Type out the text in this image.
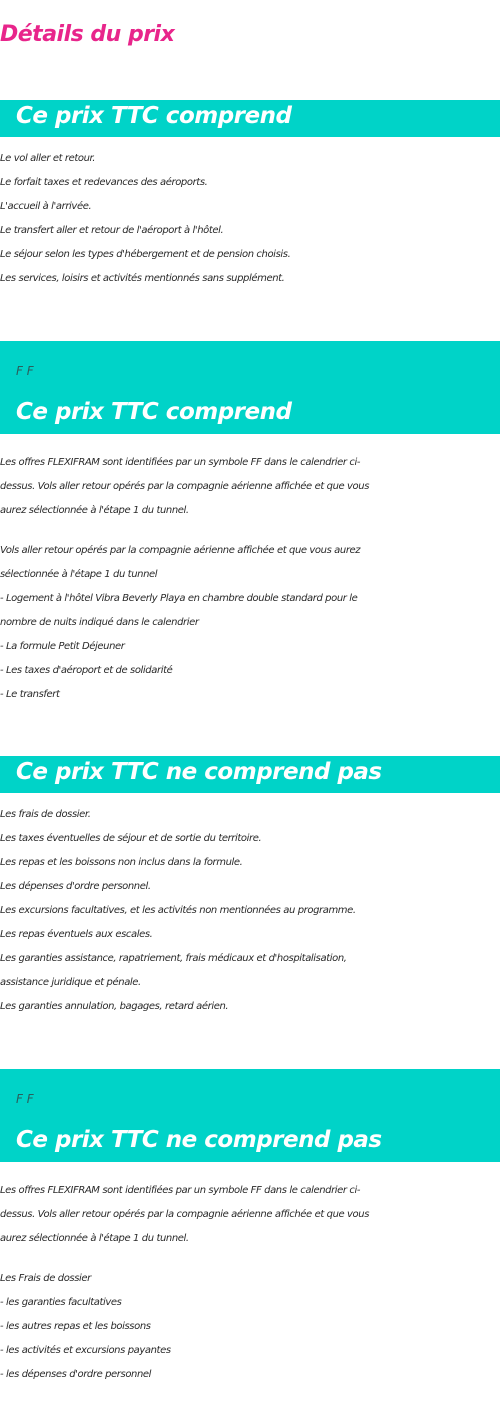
Détails du prix
Ce prix TTC comprend
Le vol aller et retour.
Le forfait taxes et redevances des aéroports.
L'accueil à l'arrivée.
Le transfert aller et retour de l'aéroport à l'hôtel.
Le séjour selon les types d'hébergement et de pension choisis.
Les services, loisirs et activités mentionnés sans supplément.
F F
Ce prix TTC comprend
Les offres FLEXIFRAM sont identifiées par un symbole FF dans le calendrier ci-
dessus. Vols aller retour opérés par la compagnie aérienne affichée et que vous
aurez sélectionnée à l'étape 1 du tunnel.
Vols aller retour opérés par la compagnie aérienne affichée et que vous aurez
sélectionnée à l'étape 1 du tunnel
- Logement à l'hôtel Vibra Beverly Playa en chambre double standard pour le
nombre de nuits indiqué dans le calendrier
- La formule Petit Déjeuner
- Les taxes d'aéroport et de solidarité
- Le transfert
Ce prix TTC ne comprend pas
Les frais de dossier.
Les taxes éventuelles de séjour et de sortie du territoire.
Les repas et les boissons non inclus dans la formule.
Les dépenses d'ordre personnel.
Les excursions facultatives, et les activités non mentionnées au programme.
Les repas éventuels aux escales.
Les garanties assistance, rapatriement, frais médicaux et d'hospitalisation,
assistance juridique et pénale.
Les garanties annulation, bagages, retard aérien.
F F
Ce prix TTC ne comprend pas
Les offres FLEXIFRAM sont identifiées par un symbole FF dans le calendrier ci-
dessus. Vols aller retour opérés par la compagnie aérienne affichée et que vous
aurez sélectionnée à l'étape 1 du tunnel.
Les Frais de dossier
- les garanties facultatives
- les autres repas et les boissons
- les activités et excursions payantes
- les dépenses d'ordre personnel
